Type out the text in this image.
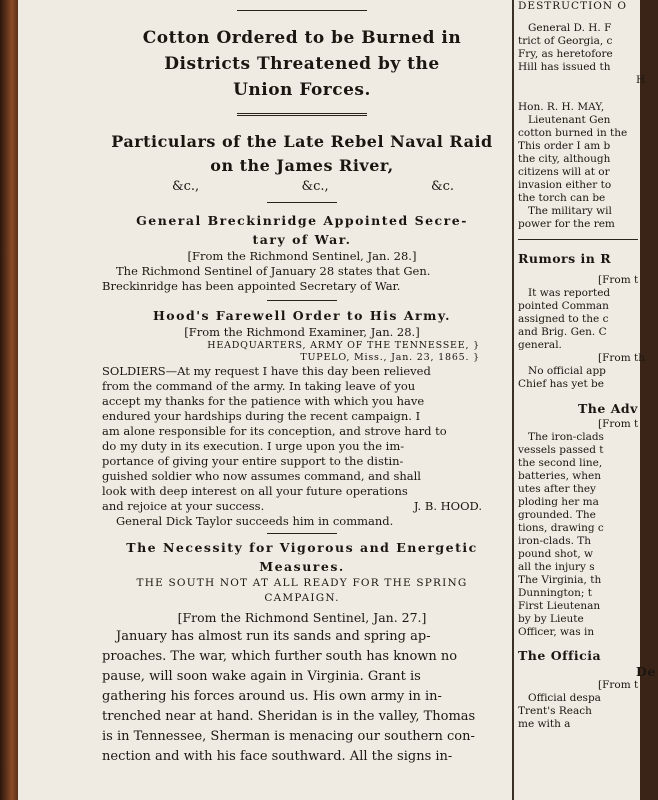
Cotton Ordered to be Burned in
Districts Threatened by the
Union Forces.
Particulars of the Late Rebel Naval Raid
on the James River,
&c.,	&c.,	&c.
General Breckinridge Appointed Secre-
tary of War.
[From the Richmond Sentinel, Jan. 28.]

The Richmond Sentinel of January 28 states that Gen.
Breckinridge has been appointed Secretary of War.

Hood's Farewell Order to His Army.
[From the Richmond Examiner, Jan. 28.]
HEADQUARTERS, ARMY OF THE TENNESSEE, }
TUPELO, Miss., Jan. 23, 1865. }

SOLDIERS—At my request I have this day been relieved
from the command of the army. In taking leave of you
accept my thanks for the patience with which you have
endured your hardships during the recent campaign. I
am alone responsible for its conception, and strove hard to
do my duty in its execution. I urge upon you the im-
portance of giving your entire support to the distin-
guished soldier who now assumes command, and shall
look with deep interest on all your future operations
and rejoice at your success.	J. B. HOOD.

General Dick Taylor succeeds him in command.

The Necessity for Vigorous and Energetic
Measures.
THE SOUTH NOT AT ALL READY FOR THE SPRING
CAMPAIGN.
[From the Richmond Sentinel, Jan. 27.]

January has almost run its sands and spring ap-
proaches. The war, which further south has known no
pause, will soon wake again in Virginia. Grant is
gathering his forces around us. His own army in in-
trenched near at hand. Sheridan is in the valley, Thomas
is in Tennessee, Sherman is menacing our southern con-
nection and with his face southward. All the signs in-

DESTRUCTION O
General D. H. F
trict of Georgia, c
Fry, as heretofore
Hill has issued th
H
Hon. R. H. MAY,
Lieutenant Gen
cotton burned in the
This order I am b
the city, although
citizens will at or
invasion either to
the torch can be
The military wil
power for the rem
Rumors in R
[From t
It was reported
pointed Comman
assigned to the c
and Brig. Gen. C
general.
[From th
No official app
Chief has yet be
The Adv
[From t
The iron-clads
vessels passed t
the second line,
batteries, when
utes after they
ploding her ma
grounded. The
tions, drawing c
iron-clads. Th
pound shot, w
all the injury s
The Virginia, th
Dunnington; t
First Lieutenan
by by Lieute
Officer, was in
The Officia
De
[From t
Official despa
Trent's Reach
me with a
